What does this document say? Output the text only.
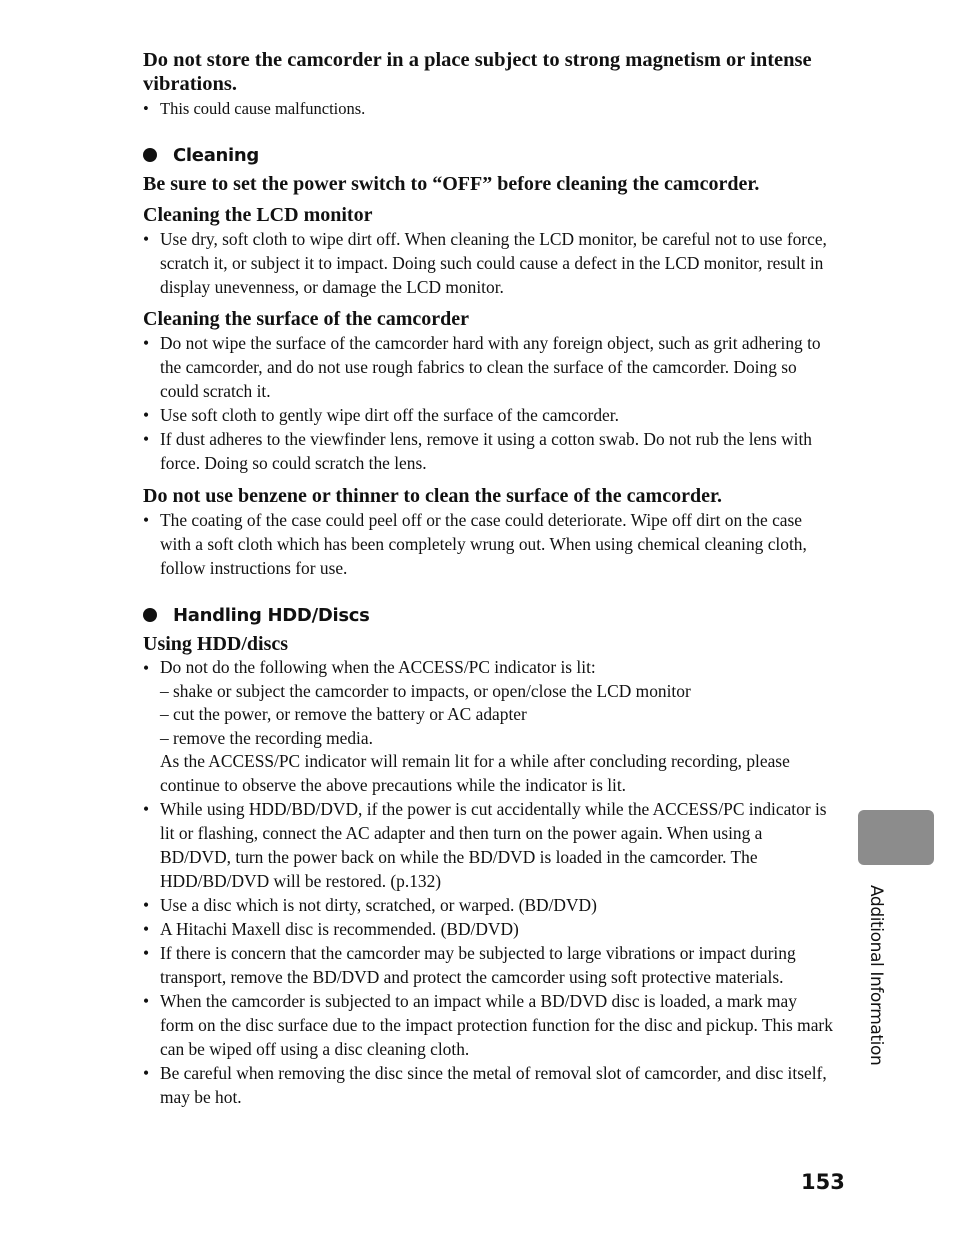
Do not store the camcorder in a place subject to strong magnetism or intense vibrations.

• This could cause malfunctions.

Cleaning

Be sure to set the power switch to “OFF” before cleaning the camcorder.

Cleaning the LCD monitor

• Use dry, soft cloth to wipe dirt off. When cleaning the LCD monitor, be careful not to use force, scratch it, or subject it to impact. Doing such could cause a defect in the LCD monitor, result in display unevenness, or damage the LCD monitor.

Cleaning the surface of the camcorder

• Do not wipe the surface of the camcorder hard with any foreign object, such as grit adhering to the camcorder, and do not use rough fabrics to clean the surface of the camcorder. Doing so could scratch it.
• Use soft cloth to gently wipe dirt off the surface of the camcorder.
• If dust adheres to the viewfinder lens, remove it using a cotton swab. Do not rub the lens with force. Doing so could scratch the lens.

Do not use benzene or thinner to clean the surface of the camcorder.

• The coating of the case could peel off or the case could deteriorate. Wipe off dirt on the case with a soft cloth which has been completely wrung out. When using chemical cleaning cloth, follow instructions for use.

Handling HDD/Discs

Using HDD/discs

• Do not do the following when the ACCESS/PC indicator is lit:
– shake or subject the camcorder to impacts, or open/close the LCD monitor
– cut the power, or remove the battery or AC adapter
– remove the recording media.
As the ACCESS/PC indicator will remain lit for a while after concluding recording, please continue to observe the above precautions while the indicator is lit.
• While using HDD/BD/DVD, if the power is cut accidentally while the ACCESS/PC indicator is lit or flashing, connect the AC adapter and then turn on the power again. When using a BD/DVD, turn the power back on while the BD/DVD is loaded in the camcorder. The HDD/BD/DVD will be restored. (p.132)
• Use a disc which is not dirty, scratched, or warped. (BD/DVD)
• A Hitachi Maxell disc is recommended. (BD/DVD)
• If there is concern that the camcorder may be subjected to large vibrations or impact during transport, remove the BD/DVD and protect the camcorder using soft protective materials.
• When the camcorder is subjected to an impact while a BD/DVD disc is loaded, a mark may form on the disc surface due to the impact protection function for the disc and pickup. This mark can be wiped off using a disc cleaning cloth.
• Be careful when removing the disc since the metal of removal slot of camcorder, and disc itself, may be hot.
Additional Information
153
